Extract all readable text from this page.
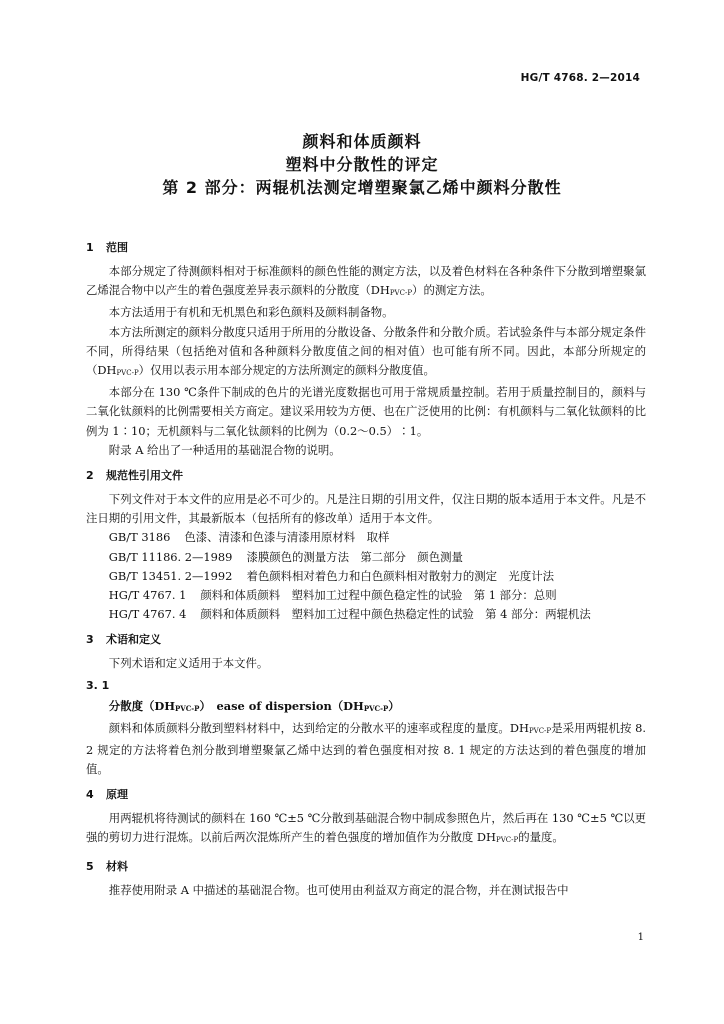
HG/T 4768. 2—2014
颜料和体质颜料
塑料中分散性的评定
第 2 部分：两辊机法测定增塑聚氯乙烯中颜料分散性
1 范围

本部分规定了待测颜料相对于标准颜料的颜色性能的测定方法，以及着色材料在各种条件下分散到增塑聚氯乙烯混合物中以产生的着色强度差异表示颜料的分散度（DHPVC-P）的测定方法。

本方法适用于有机和无机黑色和彩色颜料及颜料制备物。

本方法所测定的颜料分散度只适用于所用的分散设备、分散条件和分散介质。若试验条件与本部分规定条件不同，所得结果（包括绝对值和各种颜料分散度值之间的相对值）也可能有所不同。因此，本部分所规定的（DHPVC-P）仅用以表示用本部分规定的方法所测定的颜料分散度值。

本部分在 130 ℃条件下制成的色片的光谱光度数据也可用于常规质量控制。若用于质量控制目的，颜料与二氧化钛颜料的比例需要相关方商定。建议采用较为方便、也在广泛使用的比例：有机颜料与二氧化钛颜料的比例为 1∶10；无机颜料与二氧化钛颜料的比例为（0.2～0.5）∶1。

附录 A 给出了一种适用的基础混合物的说明。

2 规范性引用文件

下列文件对于本文件的应用是必不可少的。凡是注日期的引用文件，仅注日期的版本适用于本文件。凡是不注日期的引用文件，其最新版本（包括所有的修改单）适用于本文件。

GB/T 3186 色漆、清漆和色漆与清漆用原材料　取样

GB/T 11186. 2—1989 漆膜颜色的测量方法　第二部分　颜色测量

GB/T 13451. 2—1992 着色颜料相对着色力和白色颜料相对散射力的测定　光度计法

HG/T 4767. 1 颜料和体质颜料　塑料加工过程中颜色稳定性的试验　第 1 部分：总则

HG/T 4767. 4 颜料和体质颜料　塑料加工过程中颜色热稳定性的试验　第 4 部分：两辊机法

3 术语和定义

下列术语和定义适用于本文件。

3. 1

分散度（DHPVC-P）　ease of dispersion（DHPVC-P）

颜料和体质颜料分散到塑料材料中，达到给定的分散水平的速率或程度的量度。DHPVC-P是采用两辊机按 8. 2 规定的方法将着色剂分散到增塑聚氯乙烯中达到的着色强度相对按 8. 1 规定的方法达到的着色强度的增加值。

4 原理

用两辊机将待测试的颜料在 160 ℃±5 ℃分散到基础混合物中制成参照色片，然后再在 130 ℃±5 ℃以更强的剪切力进行混炼。以前后两次混炼所产生的着色强度的增加值作为分散度 DHPVC-P的量度。

5 材料

推荐使用附录 A 中描述的基础混合物。也可使用由利益双方商定的混合物，并在测试报告中

1
